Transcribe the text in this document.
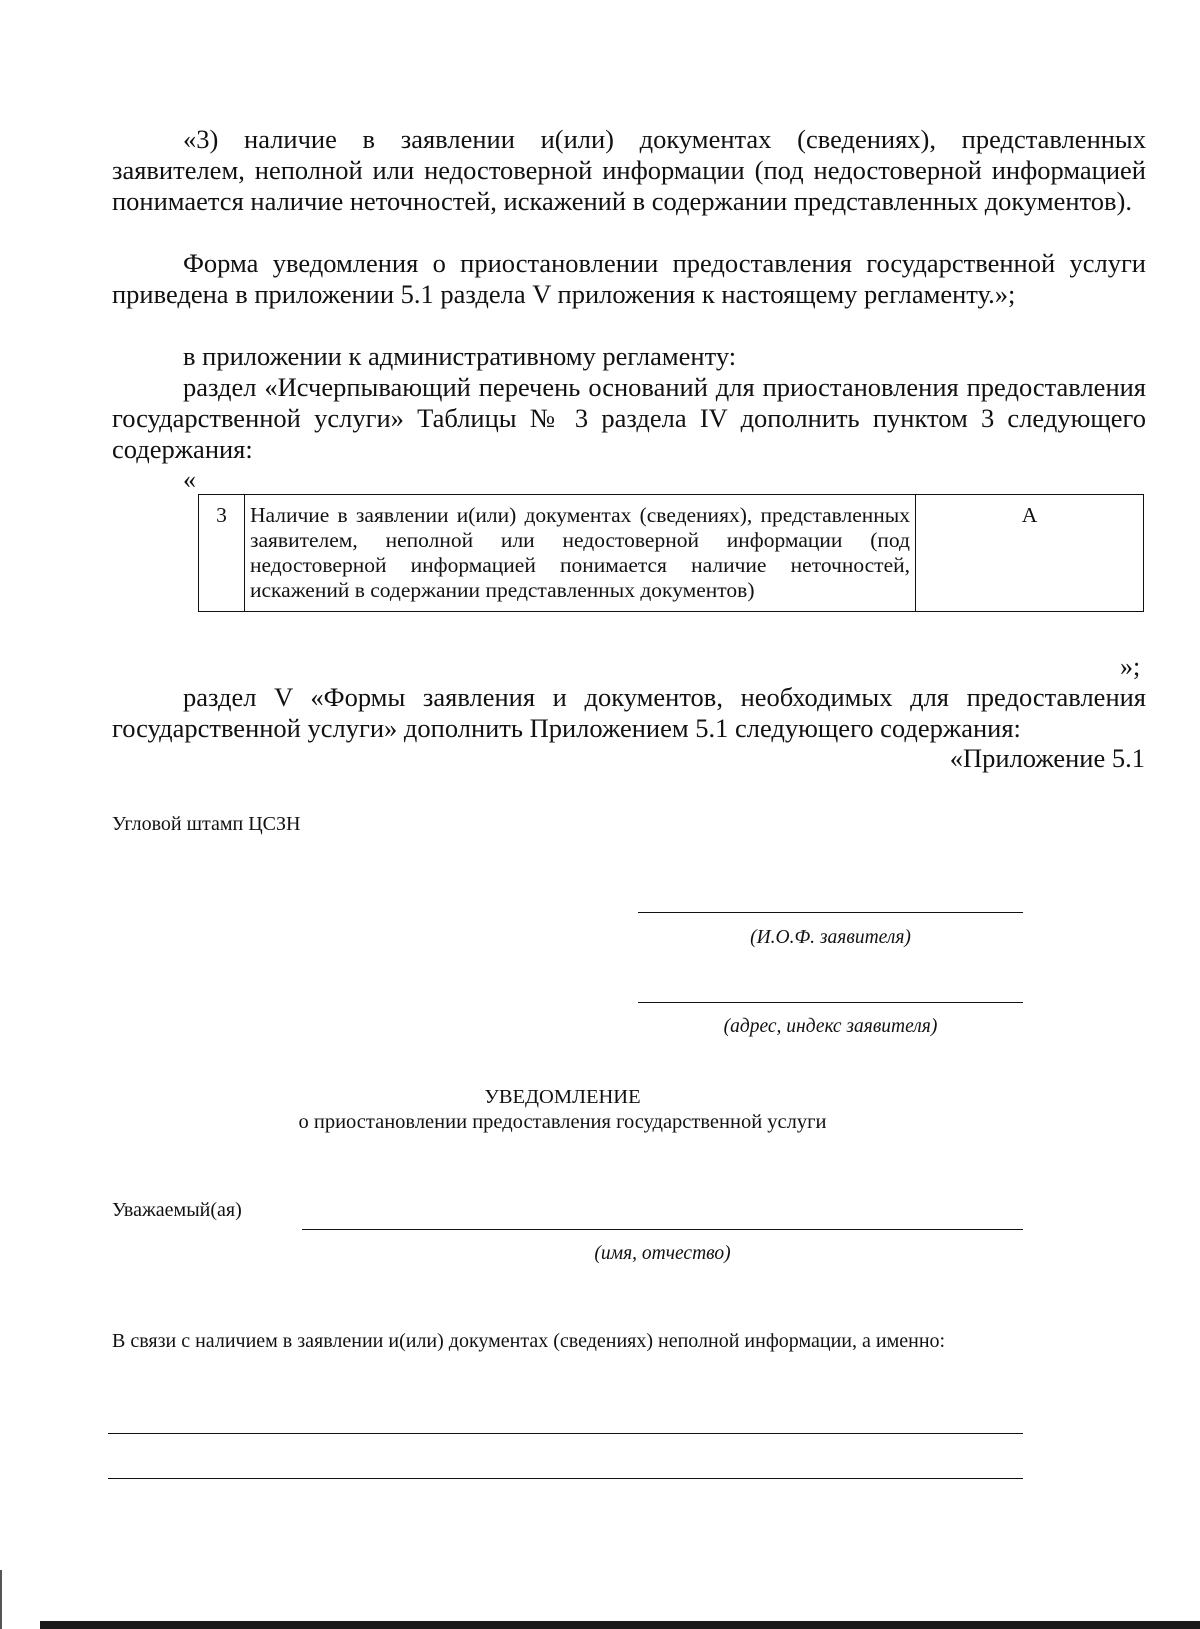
«3) наличие в заявлении и(или) документах (сведениях), представленных заявителем, неполной или недостоверной информации (под недостоверной информацией понимается наличие неточностей, искажений в содержании представленных документов).

Форма уведомления о приостановлении предоставления государственной услуги приведена в приложении 5.1 раздела V приложения к настоящему регламенту.»;

в приложении к административному регламенту:

раздел «Исчерпывающий перечень оснований для приостановления предоставления государственной услуги» Таблицы № 3 раздела IV дополнить пунктом 3 следующего содержания:

«
3	Наличие в заявлении и(или) документах (сведениях), представленных заявителем, неполной или недостоверной информации (под недостоверной информацией понимается наличие неточностей, искажений в содержании представленных документов)	А
»;

раздел V «Формы заявления и документов, необходимых для предоставления государственной услуги» дополнить Приложением 5.1 следующего содержания:

«Приложение 5.1
Угловой штамп ЦСЗН
(И.О.Ф. заявителя)
(адрес, индекс заявителя)
УВЕДОМЛЕНИЕ
о приостановлении предоставления государственной услуги
Уважаемый(ая)
(имя, отчество)

В связи с наличием в заявлении и(или) документах (сведениях) неполной информации, а именно:
